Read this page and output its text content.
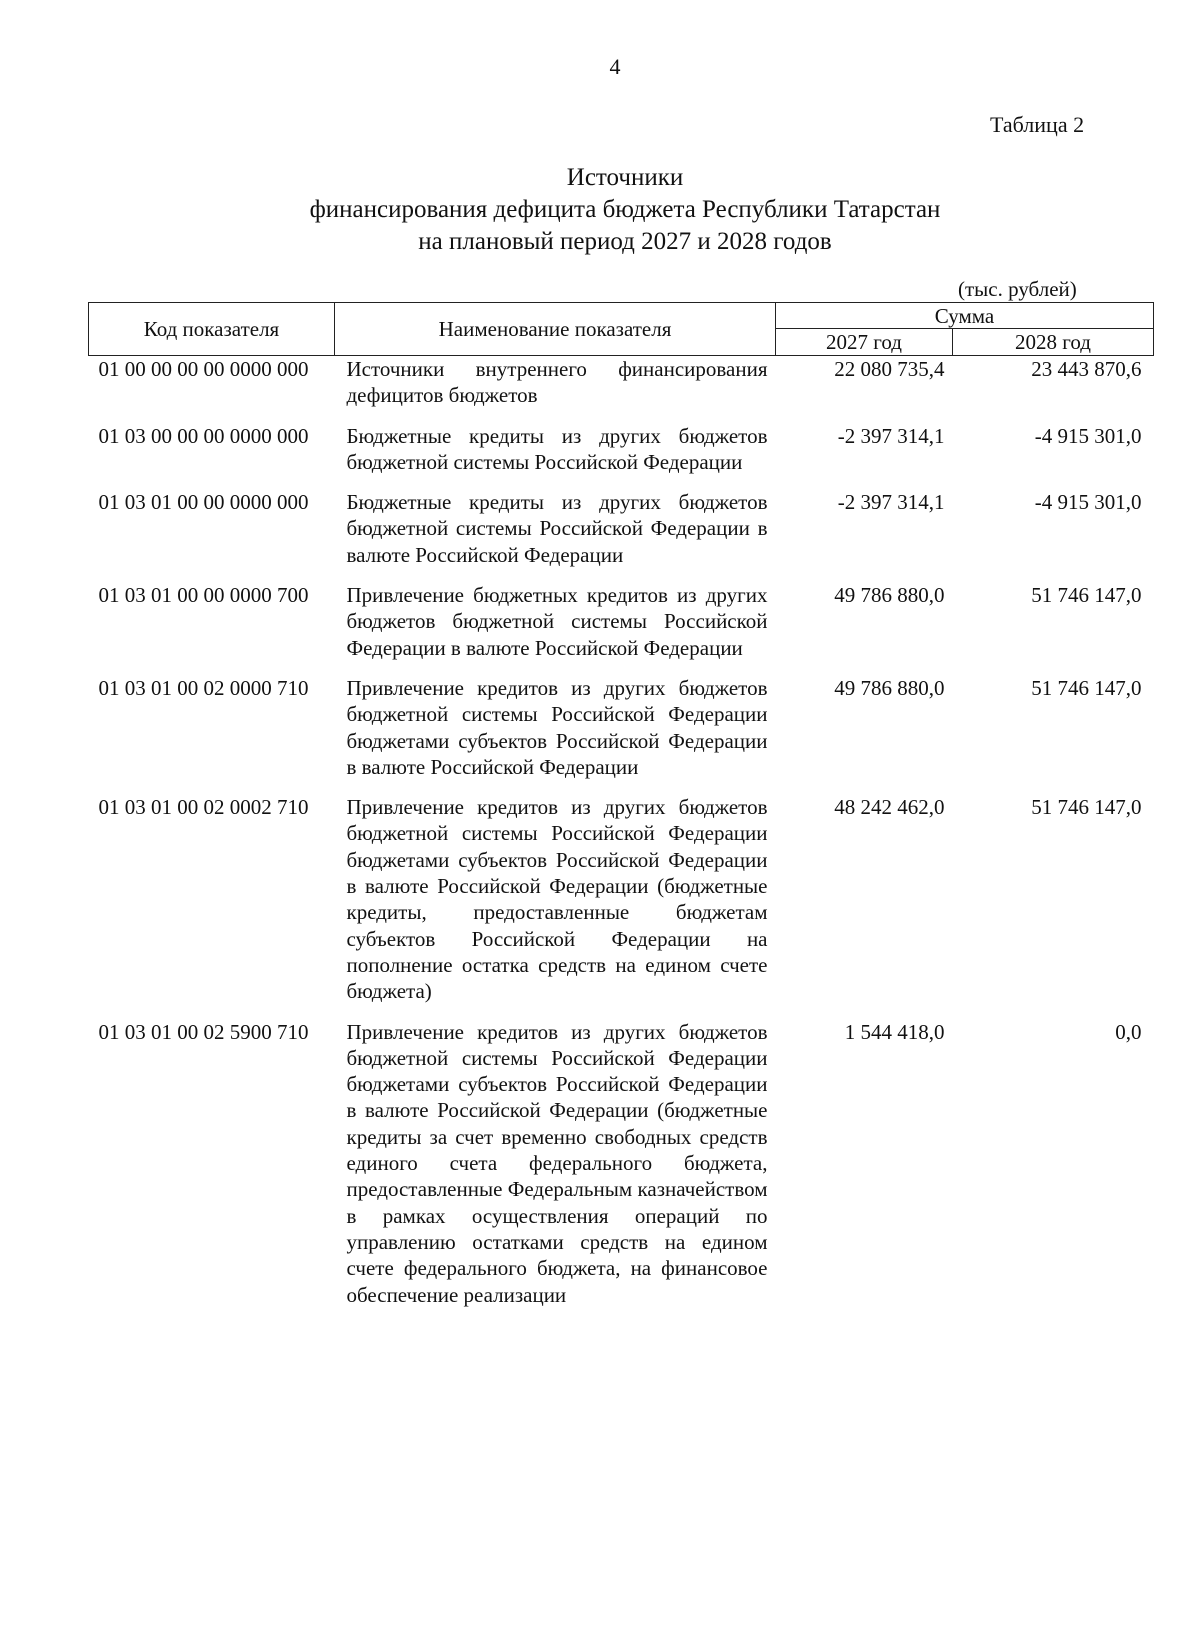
4
Таблица 2
Источники
финансирования дефицита бюджета Республики Татарстан
на плановый период 2027 и 2028 годов
(тыс. рублей)
Код показателя	Наименование показателя	Сумма	
		2027 год	2028 год
01 00 00 00 00 0000 000	Источники внутреннего финансирования дефицитов бюджетов	22 080 735,4	23 443 870,6
01 03 00 00 00 0000 000	Бюджетные кредиты из других бюджетов бюджетной системы Российской Федерации	-2 397 314,1	-4 915 301,0
01 03 01 00 00 0000 000	Бюджетные кредиты из других бюджетов бюджетной системы Российской Федерации в валюте Российской Федерации	-2 397 314,1	-4 915 301,0
01 03 01 00 00 0000 700	Привлечение бюджетных кредитов из других бюджетов бюджетной системы Российской Федерации в валюте Российской Федерации	49 786 880,0	51 746 147,0
01 03 01 00 02 0000 710	Привлечение кредитов из других бюджетов бюджетной системы Российской Федерации бюджетами субъектов Российской Федерации в валюте Российской Федерации	49 786 880,0	51 746 147,0
01 03 01 00 02 0002 710	Привлечение кредитов из других бюджетов бюджетной системы Российской Федерации бюджетами субъектов Российской Федерации в валюте Российской Федерации (бюджетные кредиты, предоставленные бюджетам субъектов Российской Федерации на пополнение остатка средств на едином счете бюджета)	48 242 462,0	51 746 147,0
01 03 01 00 02 5900 710	Привлечение кредитов из других бюджетов бюджетной системы Российской Федерации бюджетами субъектов Российской Федерации в валюте Российской Федерации (бюджетные кредиты за счет временно свободных средств единого счета федерального бюджета, предоставленные Федеральным казначейством в рамках осуществления операций по управлению остатками средств на едином счете федерального бюджета, на финансовое обеспечение реализации	1 544 418,0	0,0
